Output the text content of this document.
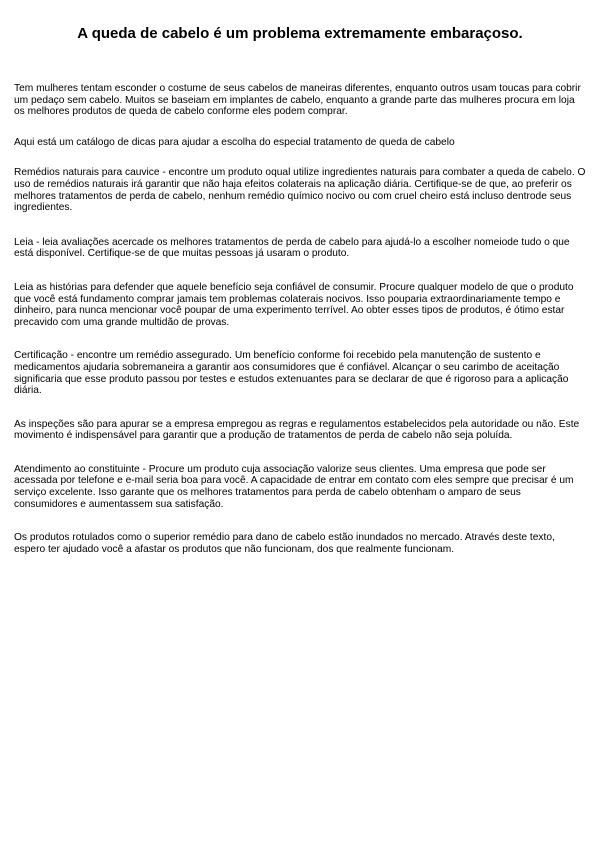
A queda de cabelo é um problema extremamente embaraçoso.

Tem mulheres tentam esconder o costume de seus cabelos de maneiras diferentes, enquanto outros usam toucas para cobrir um pedaço sem cabelo. Muitos se baseiam em implantes de cabelo, enquanto a grande parte das mulheres procura em loja os melhores produtos de queda de cabelo conforme eles podem comprar.

Aqui está um catálogo de dicas para ajudar a escolha do especial tratamento de queda de cabelo

Remédios naturais para cauvice - encontre um produto oqual utilize ingredientes naturais para combater a queda de cabelo. O uso de remédios naturais irá garantir que não haja efeitos colaterais na aplicação diária. Certifique-se de que, ao preferir os melhores tratamentos de perda de cabelo, nenhum remédio químico nocivo ou com cruel cheiro está incluso dentrode seus ingredientes.

Leia - leia avaliações acercade os melhores tratamentos de perda de cabelo para ajudá-lo a escolher nomeiode tudo o que está disponível. Certifique-se de que muitas pessoas já usaram o produto.

Leia as histórias para defender que aquele benefício seja confiável de consumir. Procure qualquer modelo de que o produto que você está fundamento comprar jamais tem problemas colaterais nocivos. Isso poupariа extraordinariamente tempo e dinheiro, para nunca mencionar você poupar de uma experimento terrível. Ao obter esses tipos de produtos, é ótimo estar precavido com uma grande multidão de provas.

Certificação - encontre um remédio assegurado. Um benefício conforme foi recebido pela manutenção de sustento e medicamentos ajudaria sobremaneira a garantir aos consumidores que é confiável. Alcançar o seu carimbo de aceitação significaria que esse produto passou por testes e estudos extenuantes para se declarar de que é rigoroso para a aplicação diária.

As inspeções são para apurar se a empresa empregou as regras e regulamentos estabelecidos pela autoridade ou não. Este movimento é indispensável para garantir que a produção de tratamentos de perda de cabelo não seja poluída.

Atendimento ao constituinte - Procure um produto cuja associação valorize seus clientes. Uma empresa que pode ser acessada por telefone e e-mail seria boa para você. A capacidade de entrar em contato com eles sempre que precisar é um serviço excelente. Isso garante que os melhores tratamentos para perda de cabelo obtenham o amparo de seus consumidores e aumentassem sua satisfação.

Os produtos rotulados como o superior remédio para dano de cabelo estão inundados no mercado. Através deste texto, espero ter ajudado você a afastar os produtos que não funcionam, dos que realmente funcionam.
